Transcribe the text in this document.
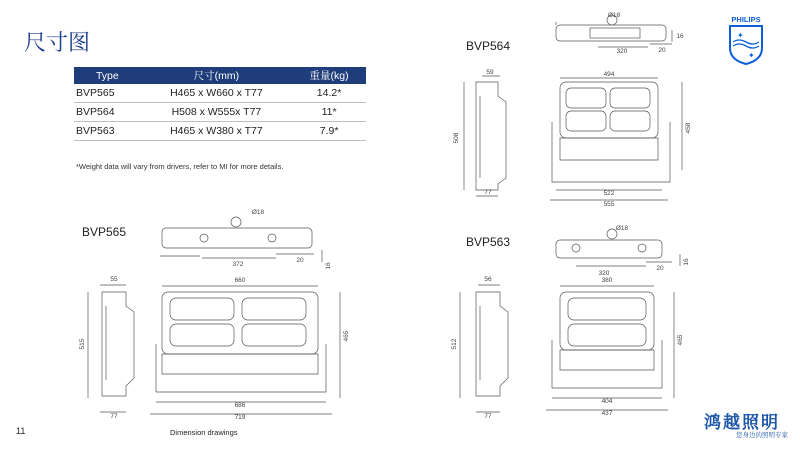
尺寸图
Type	尺寸(mm)	重量(kg)
BVP565	H465 x W660 x T77	14.2*
BVP564	H508 x W555x T77	11*
BVP563	H465 x W380 x T77	7.9*
*Weight data will vary from drivers, refer to MI for more details.
BVP564
BVP565
BVP563
PHILIPS
✦
✦
Ø18
320	20
16
59	494
508
458
522
555
77
Ø18
372
20
16
55	660
515
465
686
719
77
Ø18
320
20
16
56	380
512	465
404
437
77
11	Dimension drawings	鸿越照明
您身边的照明专家
